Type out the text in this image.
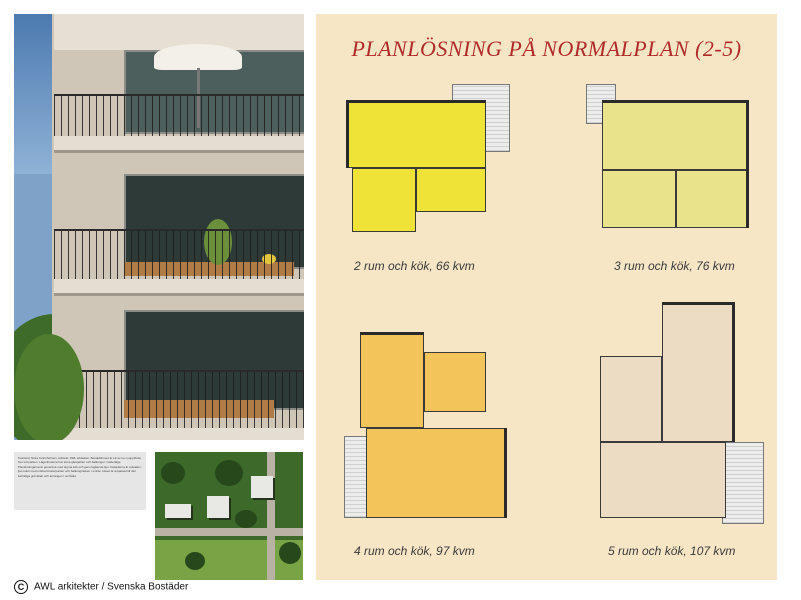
Kvarteret Stora Kvarnholmen, Arkitekt: AWL arkitekter. Bostadshuset är ett av tre nyuppförda hus vid parken. Lägenheterna har stora glaspartier och balkonger i söderläge. Planlösningarna är generösa med öppna kök och genomgående ljus. Fasaderna är putsade i ljus kulör med mörka fönsterpartier och balkongräcken i smide. Huset är anpassat till den befintliga grönskan och terrängen i området.
C AWL arkitekter / Svenska Bostäder
PLANLÖSNING PÅ NORMALPLAN (2-5)
2 rum och kök, 66 kvm	3 rum och kök, 76 kvm
4 rum och kök, 97 kvm	5 rum och kök, 107 kvm
